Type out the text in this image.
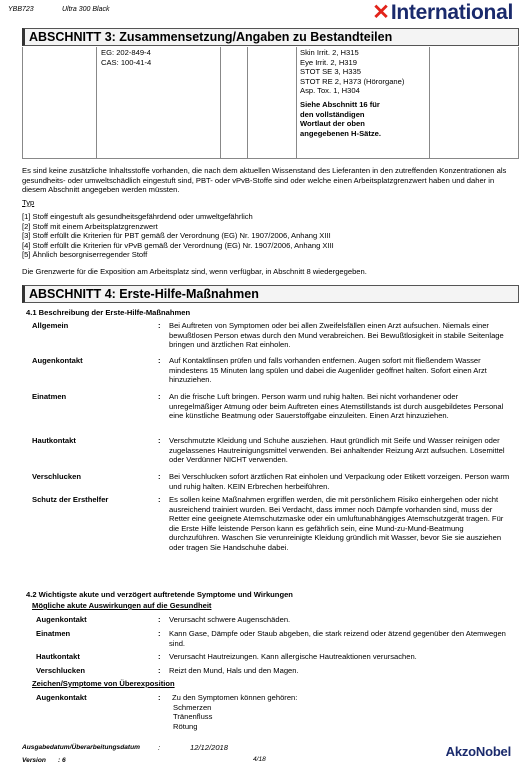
YBB723	Ultra 300 Black	✕ International
ABSCHNITT 3: Zusammensetzung/Angaben zu Bestandteilen
EG: 202-849-4
CAS: 100-41-4
Skin Irrit. 2, H315
Eye Irrit. 2, H319
STOT SE 3, H335
STOT RE 2, H373 (Hörorgane)
Asp. Tox. 1, H304
Siehe Abschnitt 16 für
den vollständigen
Wortlaut der oben
angegebenen H-Sätze.
Es sind keine zusätzliche Inhaltsstoffe vorhanden, die nach dem aktuellen Wissenstand des Lieferanten in den zutreffenden Konzentrationen als gesundheits- oder umweltschädlich eingestuft sind, PBT- oder vPvB-Stoffe sind oder welche einen Arbeitsplatzgrenzwert haben und daher in diesem Abschnitt angegeben werden müssten.
Typ
[1] Stoff eingestuft als gesundheitsgefährdend oder umweltgefährlich
[2] Stoff mit einem Arbeitsplatzgrenzwert
[3] Stoff erfüllt die Kriterien für PBT gemäß der Verordnung (EG) Nr. 1907/2006, Anhang XIII
[4] Stoff erfüllt die Kriterien für vPvB gemäß der Verordnung (EG) Nr. 1907/2006, Anhang XIII
[5] Ähnlich besorgniserregender Stoff
Die Grenzwerte für die Exposition am Arbeitsplatz sind, wenn verfügbar, in Abschnitt 8 wiedergegeben.
ABSCHNITT 4: Erste-Hilfe-Maßnahmen
4.1 Beschreibung der Erste-Hilfe-Maßnahmen
Allgemein	: Bei Auftreten von Symptomen oder bei allen Zweifelsfällen einen Arzt aufsuchen. Niemals einer bewußtlosen Person etwas durch den Mund verabreichen. Bei Bewußtlosigkeit in stabile Seitenlage bringen und ärztlichen Rat einholen.
Augenkontakt	: Auf Kontaktlinsen prüfen und falls vorhanden entfernen. Augen sofort mit fließendem Wasser mindestens 15 Minuten lang spülen und dabei die Augenlider geöffnet halten. Sofort einen Arzt hinzuziehen.
Einatmen	: An die frische Luft bringen. Person warm und ruhig halten. Bei nicht vorhandener oder unregelmäßiger Atmung oder beim Auftreten eines Atemstillstands ist durch ausgebildetes Personal eine künstliche Beatmung oder Sauerstoffgabe einzuleiten. Einen Arzt hinzuziehen.
Hautkontakt	: Verschmutzte Kleidung und Schuhe ausziehen. Haut gründlich mit Seife und Wasser reinigen oder zugelassenes Hautreinigungsmittel verwenden. Bei anhaltender Reizung Arzt aufsuchen. Lösemittel oder Verdünner NICHT verwenden.
Verschlucken	: Bei Verschlucken sofort ärztlichen Rat einholen und Verpackung oder Etikett vorzeigen. Person warm und ruhig halten. KEIN Erbrechen herbeiführen.
Schutz der Ersthelfer	: Es sollen keine Maßnahmen ergriffen werden, die mit persönlichem Risiko einhergehen oder nicht ausreichend trainiert wurden. Bei Verdacht, dass immer noch Dämpfe vorhanden sind, muss der Retter eine geeignete Atemschutzmaske oder ein umluftunabhängiges Atemschutzgerät tragen. Für die Erste Hilfe leistende Person kann es gefährlich sein, eine Mund-zu-Mund-Beatmung durchzuführen. Waschen Sie verunreinigte Kleidung gründlich mit Wasser, bevor Sie sie ausziehen oder tragen Sie Handschuhe dabei.
4.2 Wichtigste akute und verzögert auftretende Symptome und Wirkungen
Mögliche akute Auswirkungen auf die Gesundheit
Augenkontakt	: Verursacht schwere Augenschäden.
Einatmen	: Kann Gase, Dämpfe oder Staub abgeben, die stark reizend oder ätzend gegenüber den Atemwegen sind.
Hautkontakt	: Verursacht Hautreizungen. Kann allergische Hautreaktionen verursachen.
Verschlucken	: Reizt den Mund, Hals und den Magen.
Zeichen/Symptome von Überexposition
Augenkontakt	: Zu den Symptomen können gehören:
Schmerzen
Tränenfluss
Rötung
Ausgabedatum/Überarbeitungsdatum :	12/12/2018
Version : 6	4/18
AkzoNobel
